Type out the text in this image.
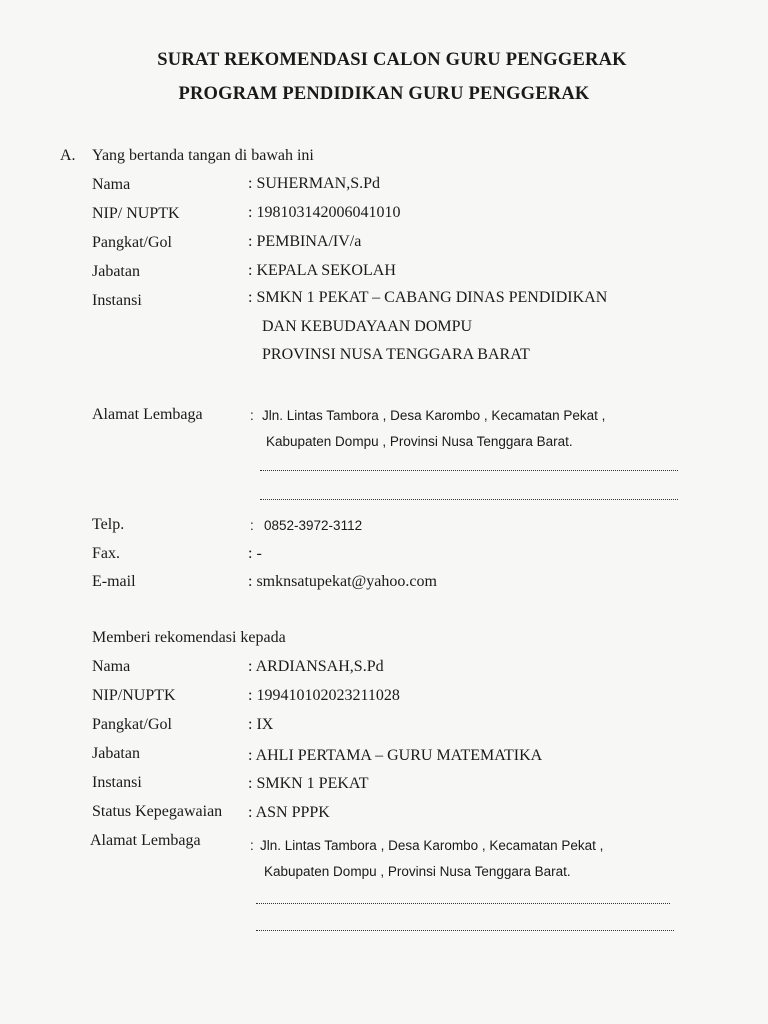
SURAT REKOMENDASI CALON GURU PENGGERAK
PROGRAM PENDIDIKAN GURU PENGGERAK
A. Yang bertanda tangan di bawah ini
Nama	: SUHERMAN,S.Pd
NIP/ NUPTK	: 198103142006041010
Pangkat/Gol	: PEMBINA/IV/a
Jabatan	: KEPALA SEKOLAH
Instansi	: SMKN 1 PEKAT – CABANG DINAS PENDIDIKAN
DAN KEBUDAYAAN DOMPU
PROVINSI NUSA TENGGARA BARAT
Alamat Lembaga	: Jln. Lintas Tambora , Desa Karombo , Kecamatan Pekat ,
Kabupaten Dompu , Provinsi Nusa Tenggara Barat.
Telp.	: 0852-3972-3112
Fax.	: -
E-mail	: smknsatupekat@yahoo.com
Memberi rekomendasi kepada
Nama	: ARDIANSAH,S.Pd
NIP/NUPTK	: 199410102023211028
Pangkat/Gol	: IX
Jabatan	: AHLI PERTAMA – GURU MATEMATIKA
Instansi	: SMKN 1 PEKAT
Status Kepegawaian : ASN PPPK
Alamat Lembaga	: Jln. Lintas Tambora , Desa Karombo , Kecamatan Pekat ,
Kabupaten Dompu , Provinsi Nusa Tenggara Barat.
